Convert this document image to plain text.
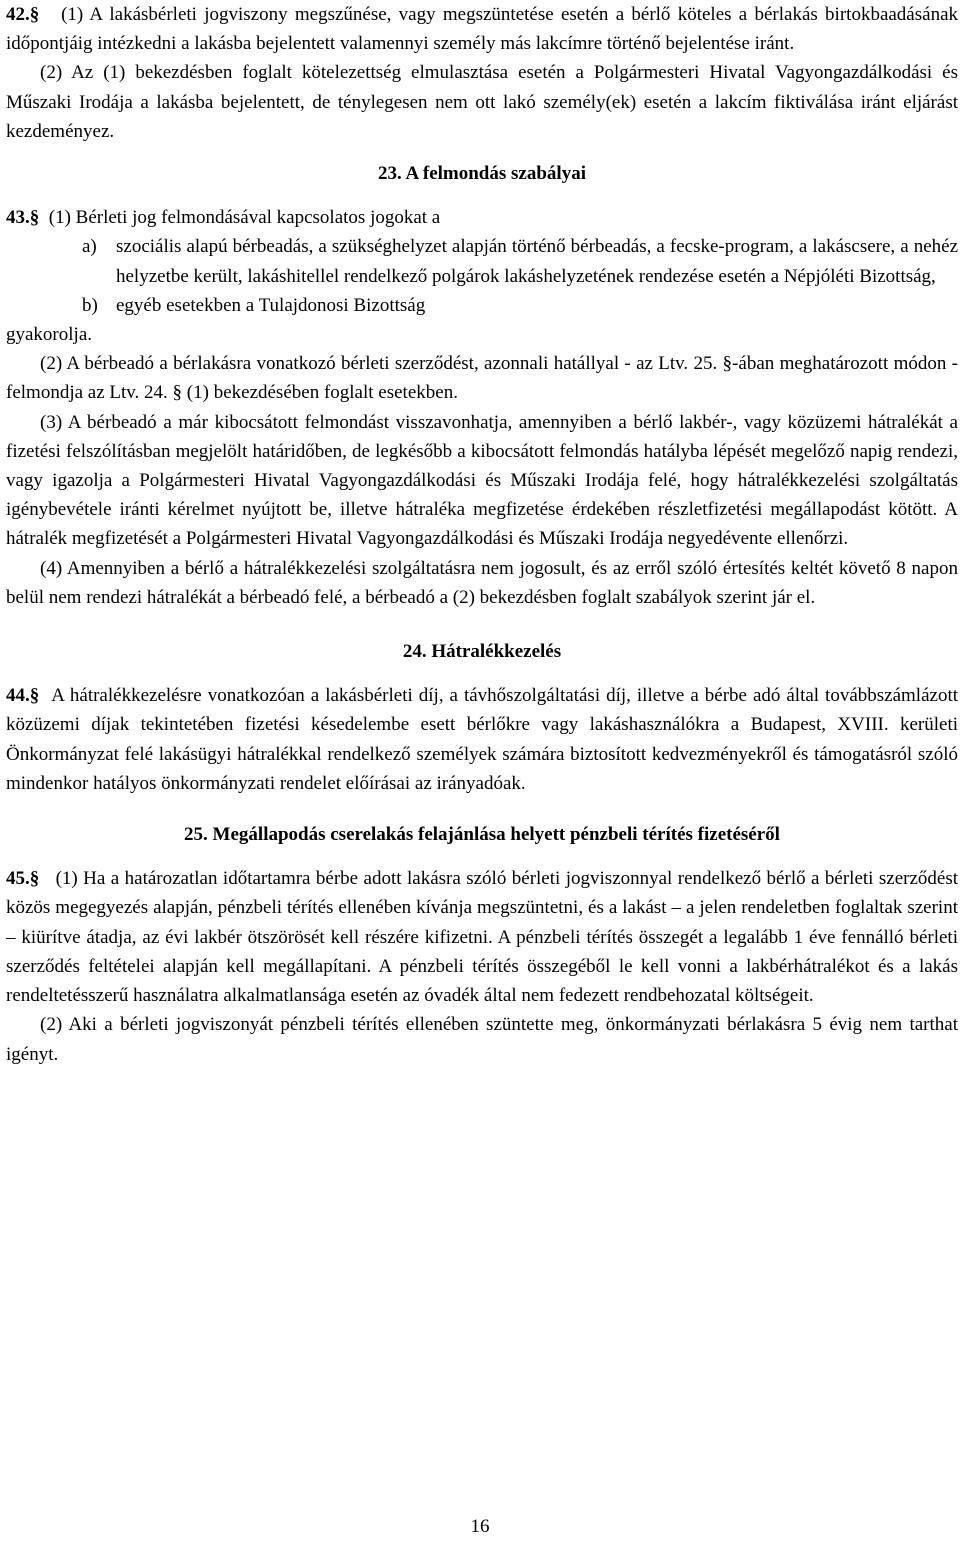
42.§ (1) A lakásbérleti jogviszony megszűnése, vagy megszüntetése esetén a bérlő köteles a bérlakás birtokbaadásának időpontjáig intézkedni a lakásba bejelentett valamennyi személy más lakcímre történő bejelentése iránt.

(2) Az (1) bekezdésben foglalt kötelezettség elmulasztása esetén a Polgármesteri Hivatal Vagyongazdálkodási és Műszaki Irodája a lakásba bejelentett, de ténylegesen nem ott lakó személy(ek) esetén a lakcím fiktiválása iránt eljárást kezdeményez.

23. A felmondás szabályai

43.§ (1) Bérleti jog felmondásával kapcsolatos jogokat a

a)	szociális alapú bérbeadás, a szükséghelyzet alapján történő bérbeadás, a fecske-program, a lakáscsere, a nehéz helyzetbe került, lakáshitellel rendelkező polgárok lakáshelyzetének rendezése esetén a Népjóléti Bizottság,
b) egyéb esetekben a Tulajdonosi Bizottság

gyakorolja.

(2) A bérbeadó a bérlakásra vonatkozó bérleti szerződést, azonnali hatállyal - az Ltv. 25. §-ában meghatározott módon - felmondja az Ltv. 24. § (1) bekezdésében foglalt esetekben.

(3) A bérbeadó a már kibocsátott felmondást visszavonhatja, amennyiben a bérlő lakbér-, vagy közüzemi hátralékát a fizetési felszólításban megjelölt határidőben, de legkésőbb a kibocsátott felmondás hatályba lépését megelőző napig rendezi, vagy igazolja a Polgármesteri Hivatal Vagyongazdálkodási és Műszaki Irodája felé, hogy hátralékkezelési szolgáltatás igénybevétele iránti kérelmet nyújtott be, illetve hátraléka megfizetése érdekében részletfizetési megállapodást kötött. A hátralék megfizetését a Polgármesteri Hivatal Vagyongazdálkodási és Műszaki Irodája negyedévente ellenőrzi.

(4) Amennyiben a bérlő a hátralékkezelési szolgáltatásra nem jogosult, és az erről szóló értesítés keltét követő 8 napon belül nem rendezi hátralékát a bérbeadó felé, a bérbeadó a (2) bekezdésben foglalt szabályok szerint jár el.

24. Hátralékkezelés

44.§ A hátralékkezelésre vonatkozóan a lakásbérleti díj, a távhőszolgáltatási díj, illetve a bérbe adó által továbbszámlázott közüzemi díjak tekintetében fizetési késedelembe esett bérlőkre vagy lakáshasználókra a Budapest, XVIII. kerületi Önkormányzat felé lakásügyi hátralékkal rendelkező személyek számára biztosított kedvezményekről és támogatásról szóló mindenkor hatályos önkormányzati rendelet előírásai az irányadóak.

25. Megállapodás cserelakás felajánlása helyett pénzbeli térítés fizetéséről

45.§ (1) Ha a határozatlan időtartamra bérbe adott lakásra szóló bérleti jogviszonnyal rendelkező bérlő a bérleti szerződést közös megegyezés alapján, pénzbeli térítés ellenében kívánja megszüntetni, és a lakást – a jelen rendeletben foglaltak szerint – kiürítve átadja, az évi lakbér ötszörösét kell részére kifizetni. A pénzbeli térítés összegét a legalább 1 éve fennálló bérleti szerződés feltételei alapján kell megállapítani. A pénzbeli térítés összegéből le kell vonni a lakbérhátralékot és a lakás rendeltetésszerű használatra alkalmatlansága esetén az óvadék által nem fedezett rendbehozatal költségeit.

(2) Aki a bérleti jogviszonyát pénzbeli térítés ellenében szüntette meg, önkormányzati bérlakásra 5 évig nem tarthat igényt.

16
